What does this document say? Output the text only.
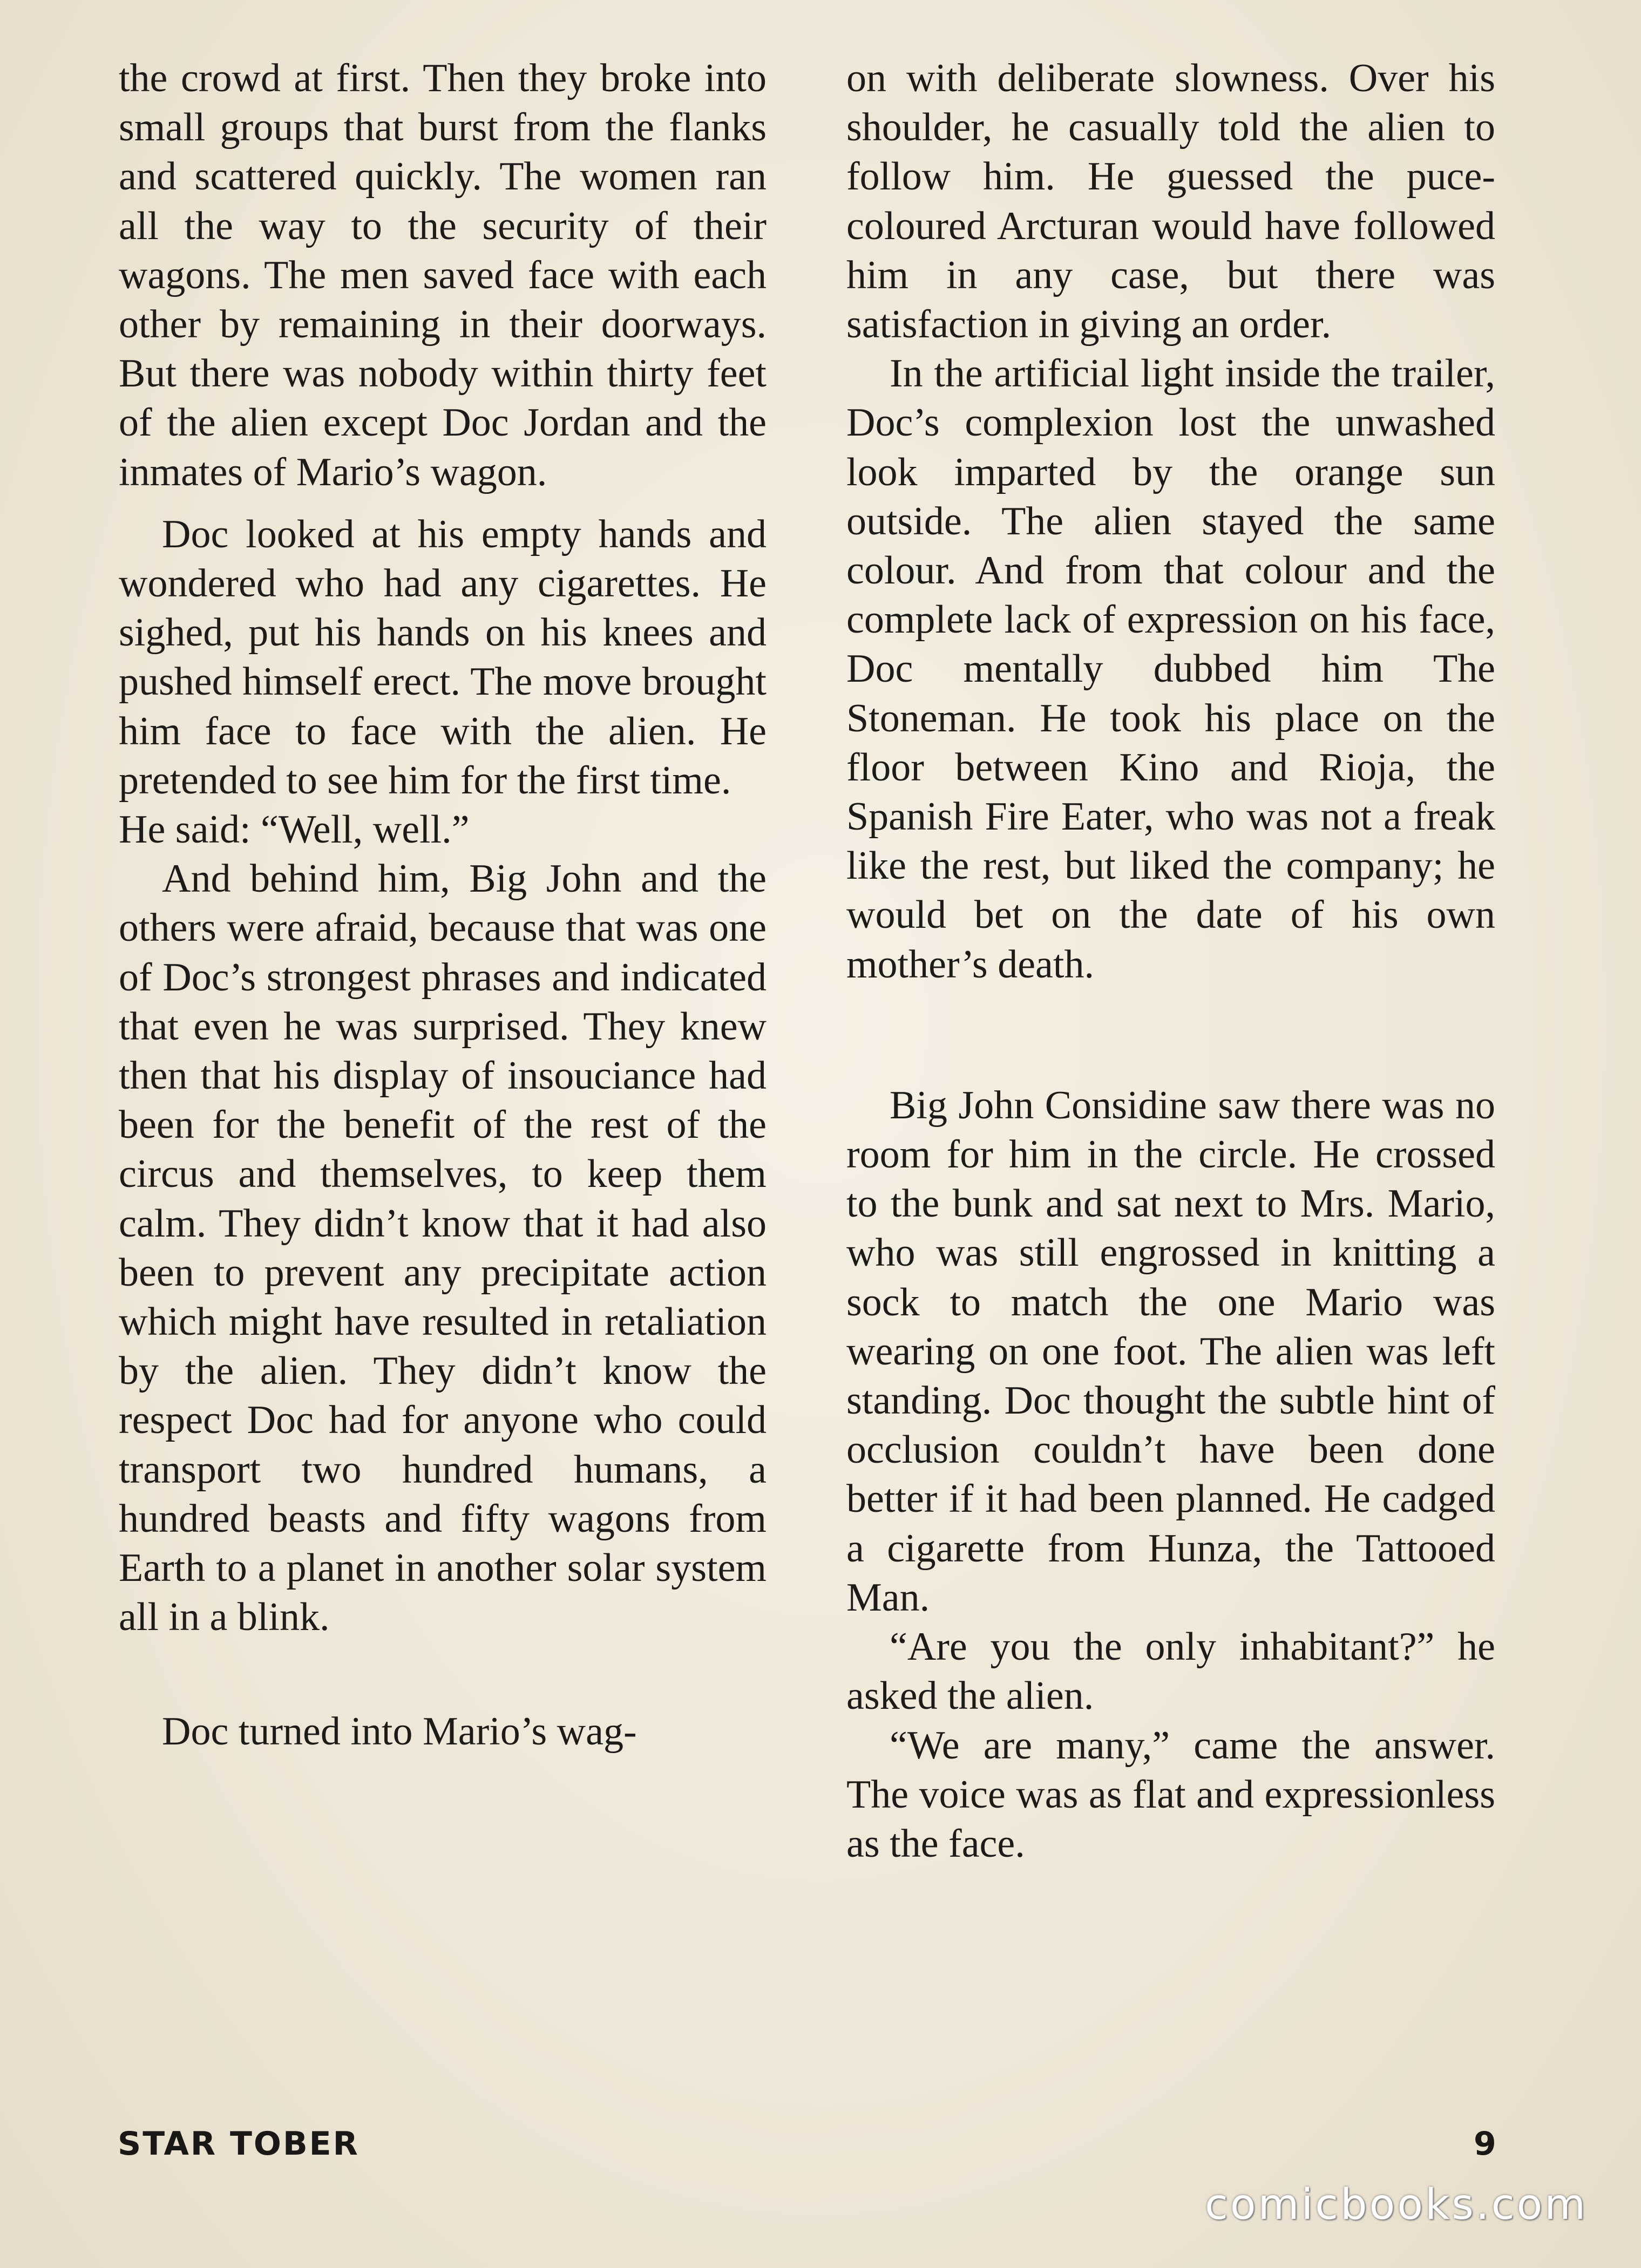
the crowd at first. Then they broke into small groups that burst from the flanks and scattered quickly. The women ran all the way to the security of their wagons. The men saved face with each other by remaining in their doorways. But there was nobody within thirty feet of the alien except Doc Jordan and the inmates of Mario’s wagon.

Doc looked at his empty hands and wondered who had any cigarettes. He sighed, put his hands on his knees and pushed himself erect. The move brought him face to face with the alien. He pretended to see him for the first time.

He said: “Well, well.”

And behind him, Big John and the others were afraid, because that was one of Doc’s strongest phrases and indicated that even he was surprised. They knew then that his display of insouciance had been for the benefit of the rest of the circus and themselves, to keep them calm. They didn’t know that it had also been to prevent any precipitate action which might have resulted in retaliation by the alien. They didn’t know the respect Doc had for anyone who could transport two hundred humans, a hundred beasts and fifty wagons from Earth to a planet in another solar system all in a blink.

Doc turned into Mario’s wag-

on with deliberate slowness. Over his shoulder, he casually told the alien to follow him. He guessed the puce-coloured Arcturan would have followed him in any case, but there was satisfaction in giving an order.

In the artificial light inside the trailer, Doc’s complexion lost the unwashed look imparted by the orange sun outside. The alien stayed the same colour. And from that colour and the complete lack of expression on his face, Doc mentally dubbed him The Stoneman. He took his place on the floor between Kino and Rioja, the Spanish Fire Eater, who was not a freak like the rest, but liked the company; he would bet on the date of his own mother’s death.

Big John Considine saw there was no room for him in the circle. He crossed to the bunk and sat next to Mrs. Mario, who was still engrossed in knitting a sock to match the one Mario was wearing on one foot. The alien was left standing. Doc thought the subtle hint of occlusion couldn’t have been done better if it had been planned. He cadged a cigarette from Hunza, the Tattooed Man.

“Are you the only inhabitant?” he asked the alien.

“We are many,” came the answer. The voice was as flat and expressionless as the face.

STAR TOBER	9
comicbooks.com
